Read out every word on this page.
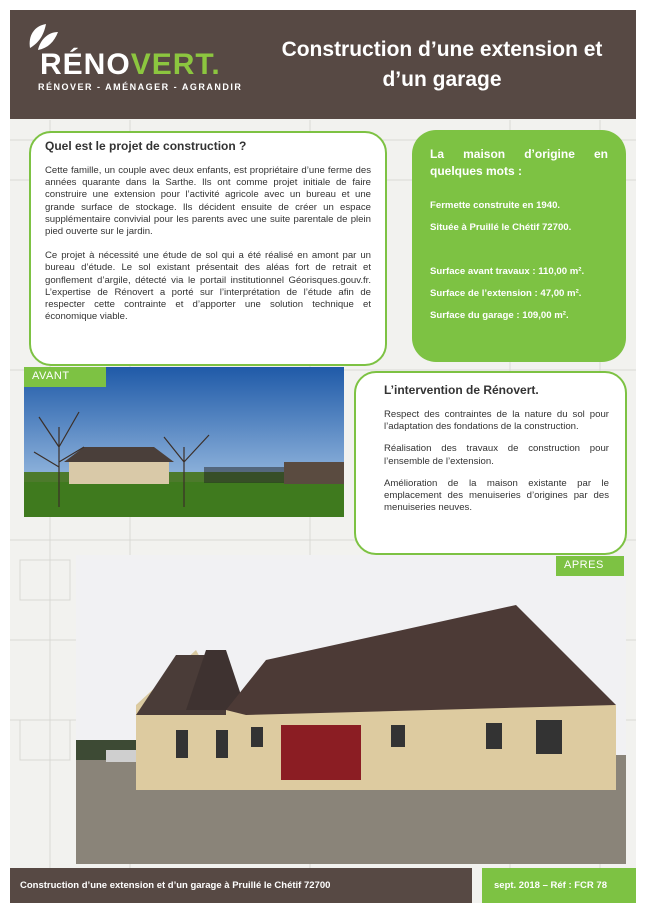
RÉNOVERT.
RÉNOVER - AMÉNAGER - AGRANDIR
Construction d’une extension et
d’un garage
Quel est le projet de construction ?

Cette famille, un couple avec deux enfants, est propriétaire d’une ferme des années quarante dans la Sarthe. Ils ont comme projet initiale de faire construire une extension pour l’activité agricole avec un bureau et une grande surface de stockage. Ils décident ensuite de créer un espace supplémentaire convivial pour les parents avec une suite parentale de plein pied ouverte sur le jardin.

Ce projet à nécessité une étude de sol qui a été réalisé en amont par un bureau d’étude. Le sol existant présentait des aléas fort de retrait et gonflement d’argile, détecté via le portail institutionnel Géorisques.gouv.fr. L’expertise de Rénovert a porté sur l’interprétation de l’étude afin de respecter cette contrainte et d’apporter une solution technique et économique viable.

La maison d’origine en quelques mots :
Fermette construite en 1940.
Située à Pruillé le Chétif 72700.
Surface avant travaux : 110,00 m².
Surface de l’extension : 47,00 m².
Surface du garage : 109,00 m².
AVANT
L’intervention de Rénovert.

Respect des contraintes de la nature du sol pour l’adaptation des fondations de la construction.

Réalisation des travaux de construction pour l’ensemble de l’extension.

Amélioration de la maison existante par le emplacement des menuiseries d’origines par des menuiseries neuves.

APRES
Construction d’une extension et d’un garage à Pruillé le Chétif 72700	sept. 2018 – Réf : FCR 78
